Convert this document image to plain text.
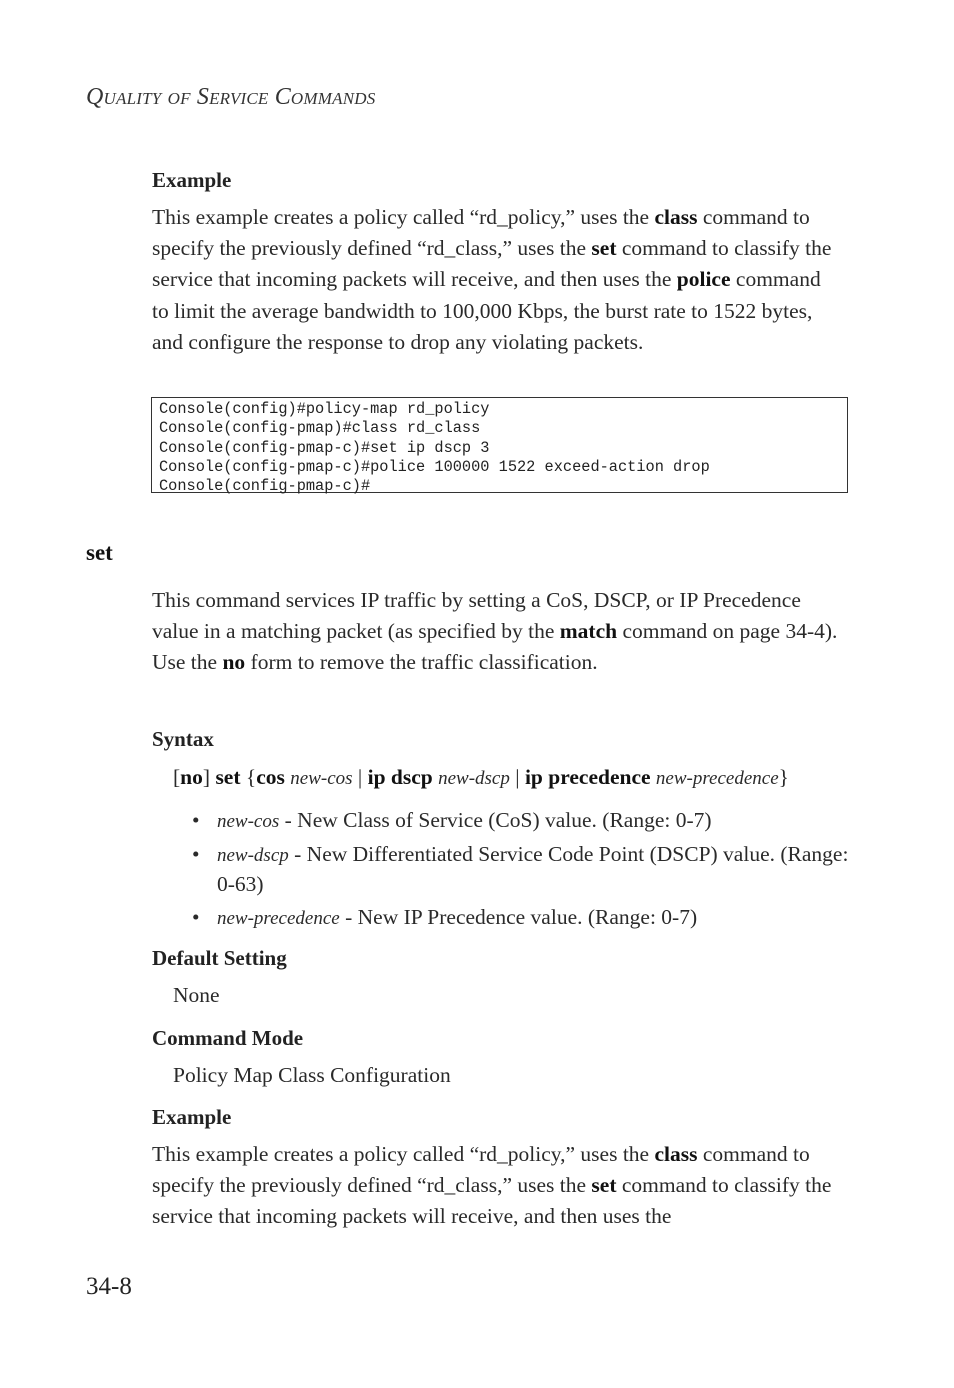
Quality of Service Commands
Example
This example creates a policy called “rd_policy,” uses the class command to specify the previously defined “rd_class,” uses the set command to classify the service that incoming packets will receive, and then uses the police command to limit the average bandwidth to 100,000 Kbps, the burst rate to 1522 bytes, and configure the response to drop any violating packets.
Console(config)#policy-map rd_policy
Console(config-pmap)#class rd_class
Console(config-pmap-c)#set ip dscp 3
Console(config-pmap-c)#police 100000 1522 exceed-action drop
Console(config-pmap-c)#
set
This command services IP traffic by setting a CoS, DSCP, or IP Precedence value in a matching packet (as specified by the match command on page 34-4). Use the no form to remove the traffic classification.
Syntax
[no] set {cos new-cos | ip dscp new-dscp | ip precedence new-precedence}
• new-cos - New Class of Service (CoS) value. (Range: 0-7)
• new-dscp - New Differentiated Service Code Point (DSCP) value. (Range: 0-63)
• new-precedence - New IP Precedence value. (Range: 0-7)
Default Setting
None
Command Mode
Policy Map Class Configuration
Example
This example creates a policy called “rd_policy,” uses the class command to specify the previously defined “rd_class,” uses the set command to classify the service that incoming packets will receive, and then uses the
34-8
